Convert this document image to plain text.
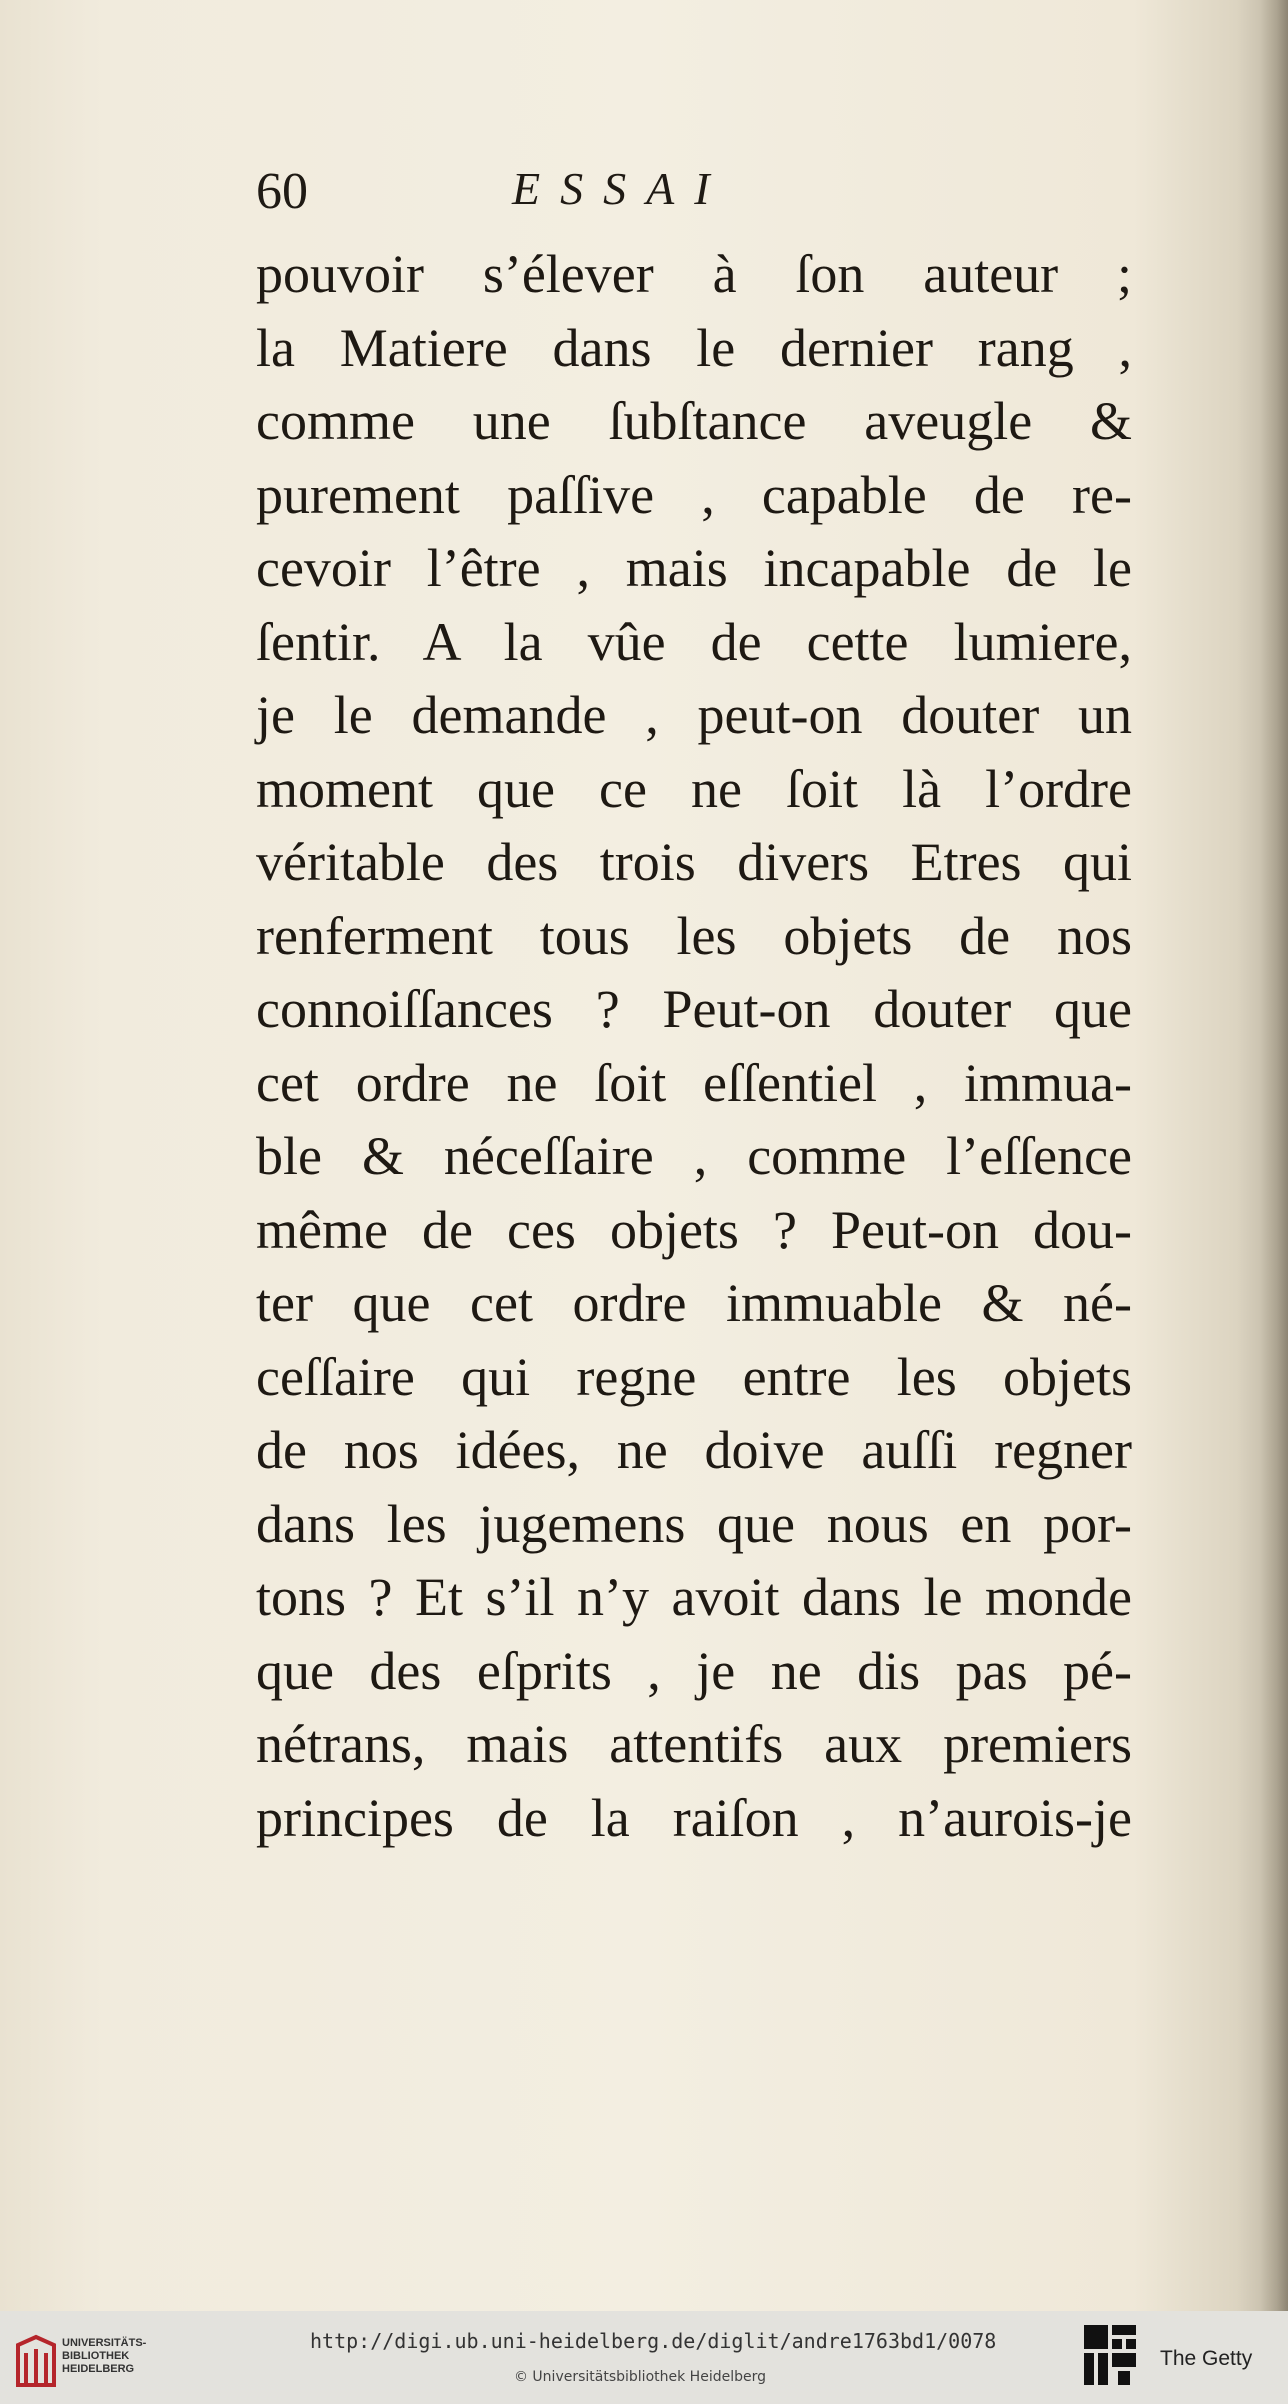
60	ESSAI
pouvoir s’élever à ſon auteur ;
la Matiere dans le dernier rang ,
comme une ſubſtance aveugle &
purement paſſive , capable de re-
cevoir l’être , mais incapable de le
ſentir. A la vûe de cette lumiere,
je le demande , peut-on douter un
moment que ce ne ſoit là l’ordre
véritable des trois divers Etres qui
renferment tous les objets de nos
connoiſſances ? Peut-on douter que
cet ordre ne ſoit eſſentiel , immua-
ble & néceſſaire , comme l’eſſence
même de ces objets ? Peut-on dou-
ter que cet ordre immuable & né-
ceſſaire qui regne entre les objets
de nos idées, ne doive auſſi regner
dans les jugemens que nous en por-
tons ? Et s’il n’y avoit dans le monde
que des eſprits , je ne dis pas pé-
nétrans, mais attentifs aux premiers
principes de la raiſon , n’aurois-je
UNIVERSITÄTS-
BIBLIOTHEK
HEIDELBERG
http://digi.ub.uni-heidelberg.de/diglit/andre1763bd1/0078
© Universitätsbibliothek Heidelberg
The Getty
